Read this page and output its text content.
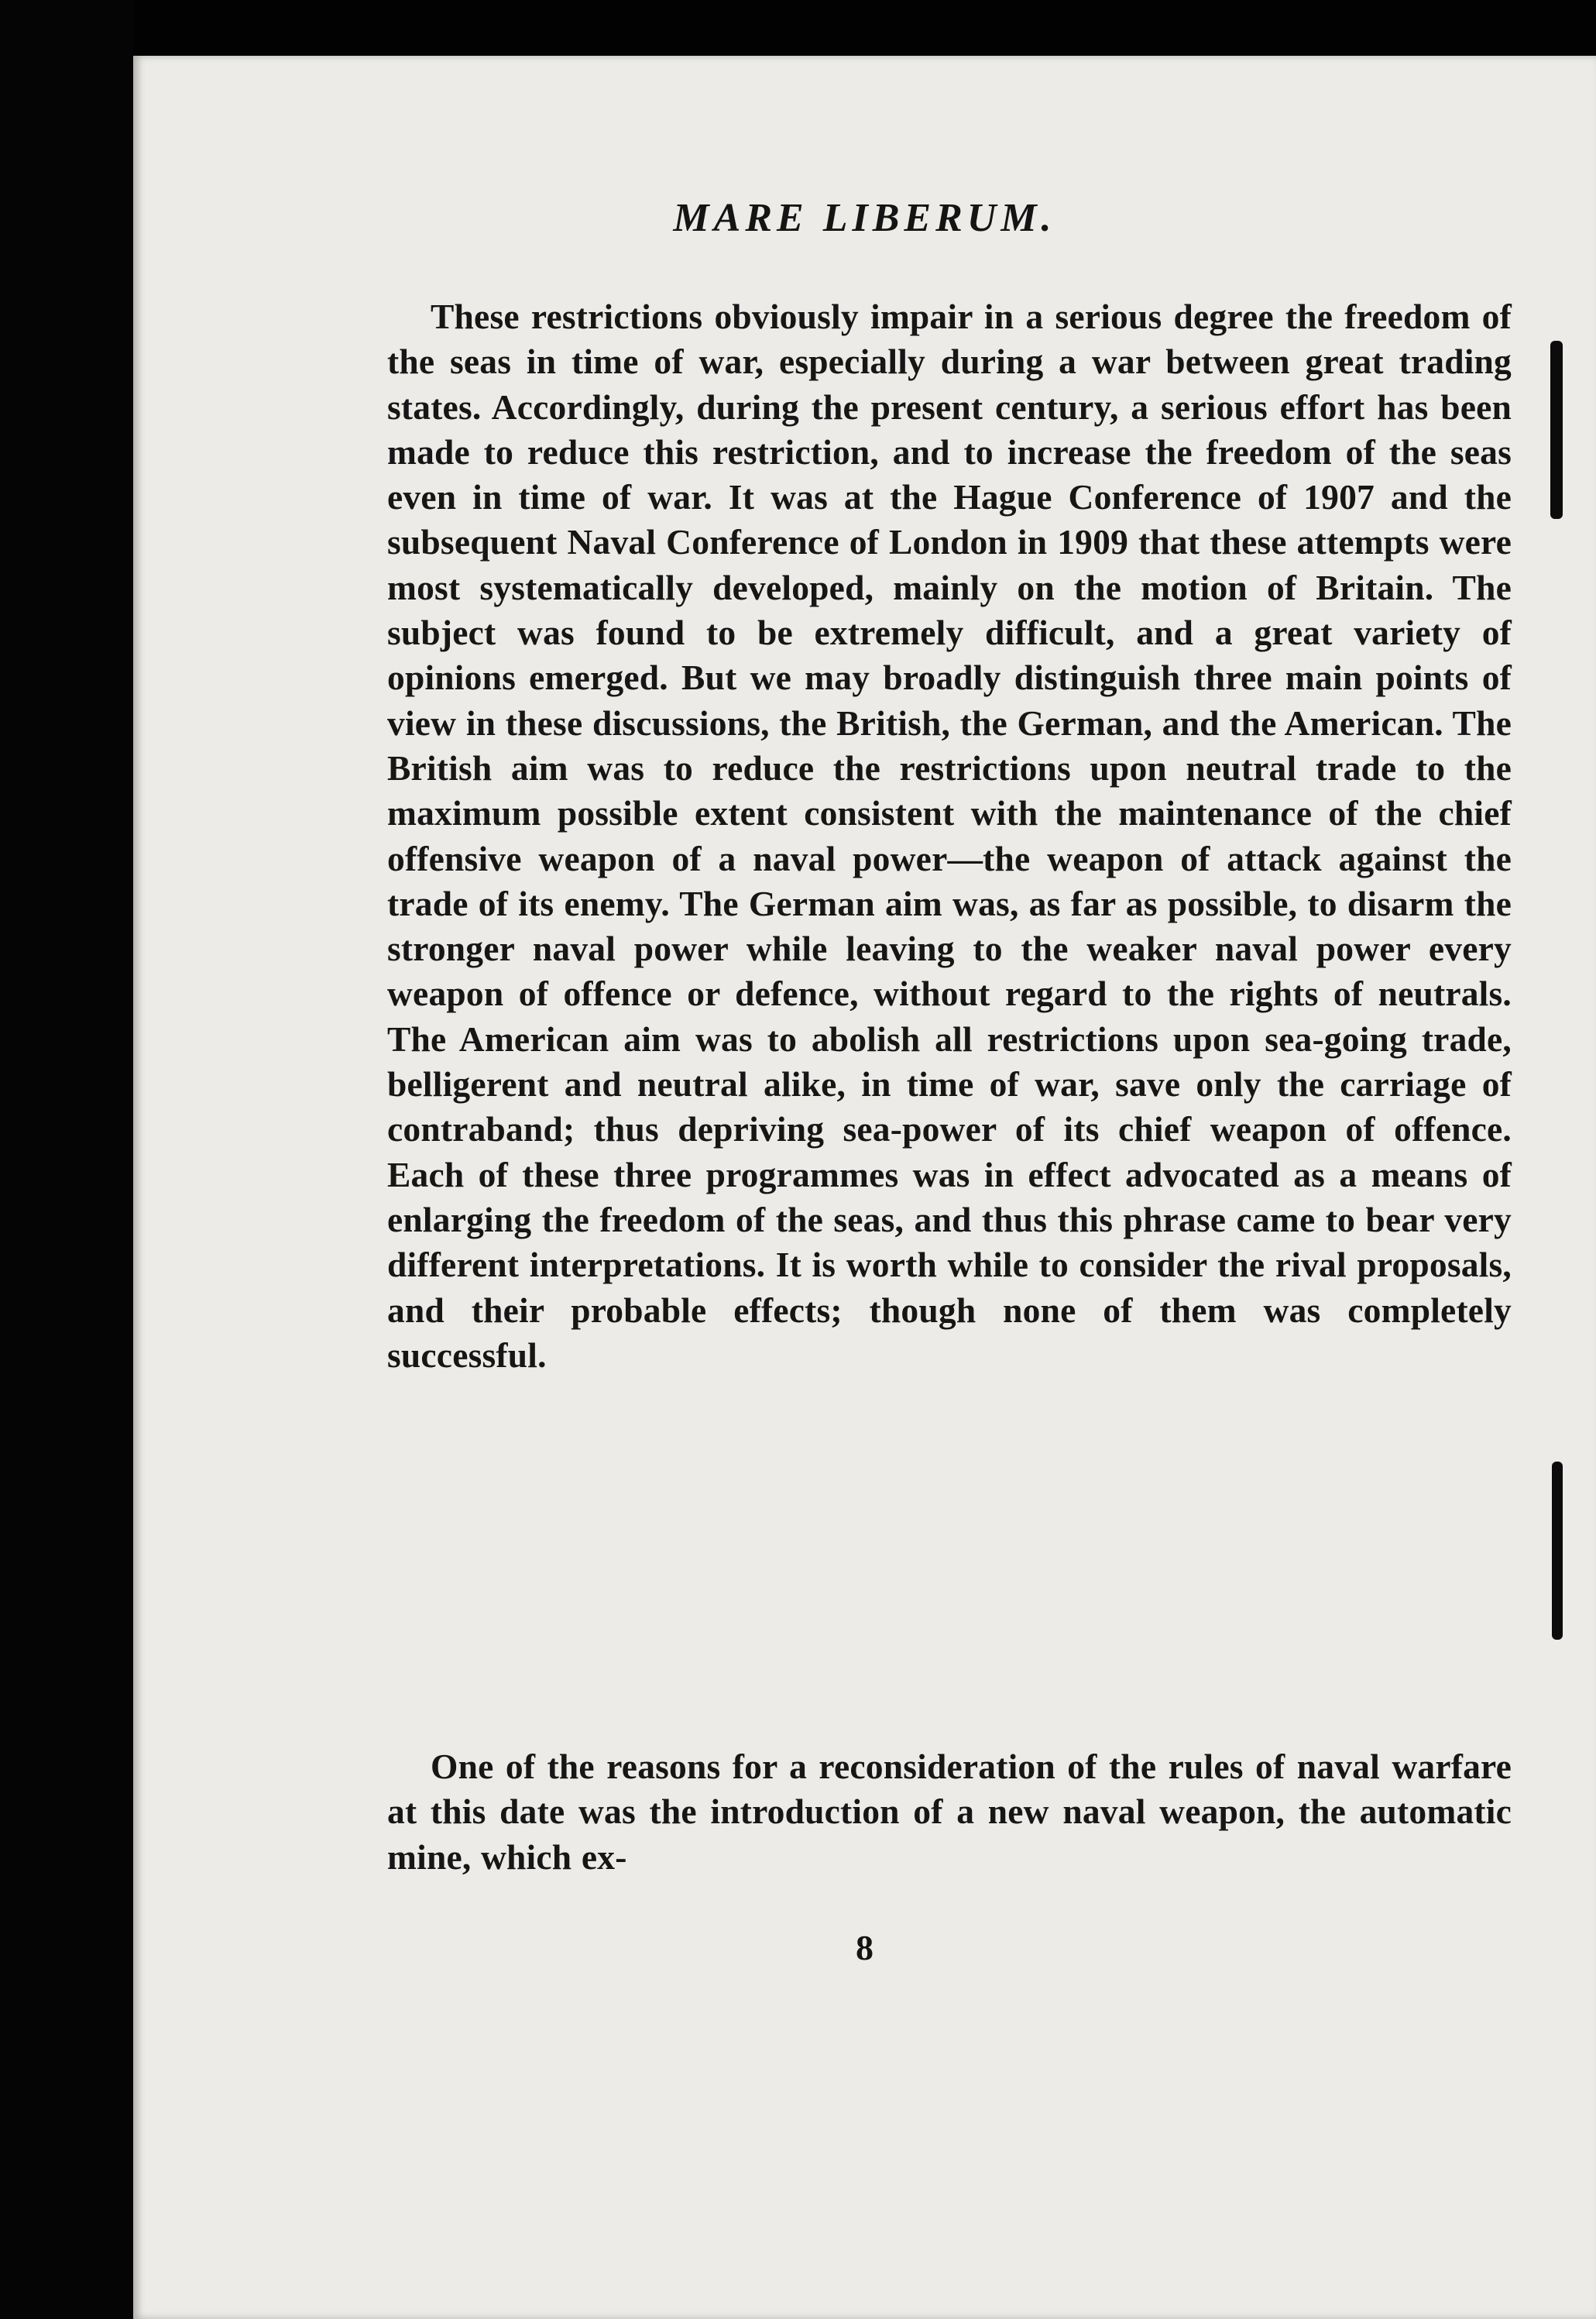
MARE LIBERUM.

These restrictions obviously impair in a serious degree the freedom of the seas in time of war, especially during a war between great trading states. Accordingly, during the present century, a serious effort has been made to reduce this restriction, and to increase the freedom of the seas even in time of war. It was at the Hague Conference of 1907 and the subsequent Naval Conference of London in 1909 that these attempts were most systematically developed, mainly on the motion of Britain. The subject was found to be extremely difficult, and a great variety of opinions emerged. But we may broadly distinguish three main points of view in these discussions, the British, the German, and the American. The British aim was to reduce the restrictions upon neutral trade to the maximum possible extent consistent with the maintenance of the chief offensive weapon of a naval power—the weapon of attack against the trade of its enemy. The German aim was, as far as possible, to disarm the stronger naval power while leaving to the weaker naval power every weapon of offence or defence, without regard to the rights of neutrals. The American aim was to abolish all restrictions upon sea-going trade, belligerent and neutral alike, in time of war, save only the carriage of contraband; thus depriving sea-power of its chief weapon of offence. Each of these three programmes was in effect advocated as a means of enlarging the freedom of the seas, and thus this phrase came to bear very different interpretations. It is worth while to consider the rival proposals, and their probable effects; though none of them was completely successful.

One of the reasons for a reconsideration of the rules of naval warfare at this date was the introduction of a new naval weapon, the automatic mine, which ex-

8
